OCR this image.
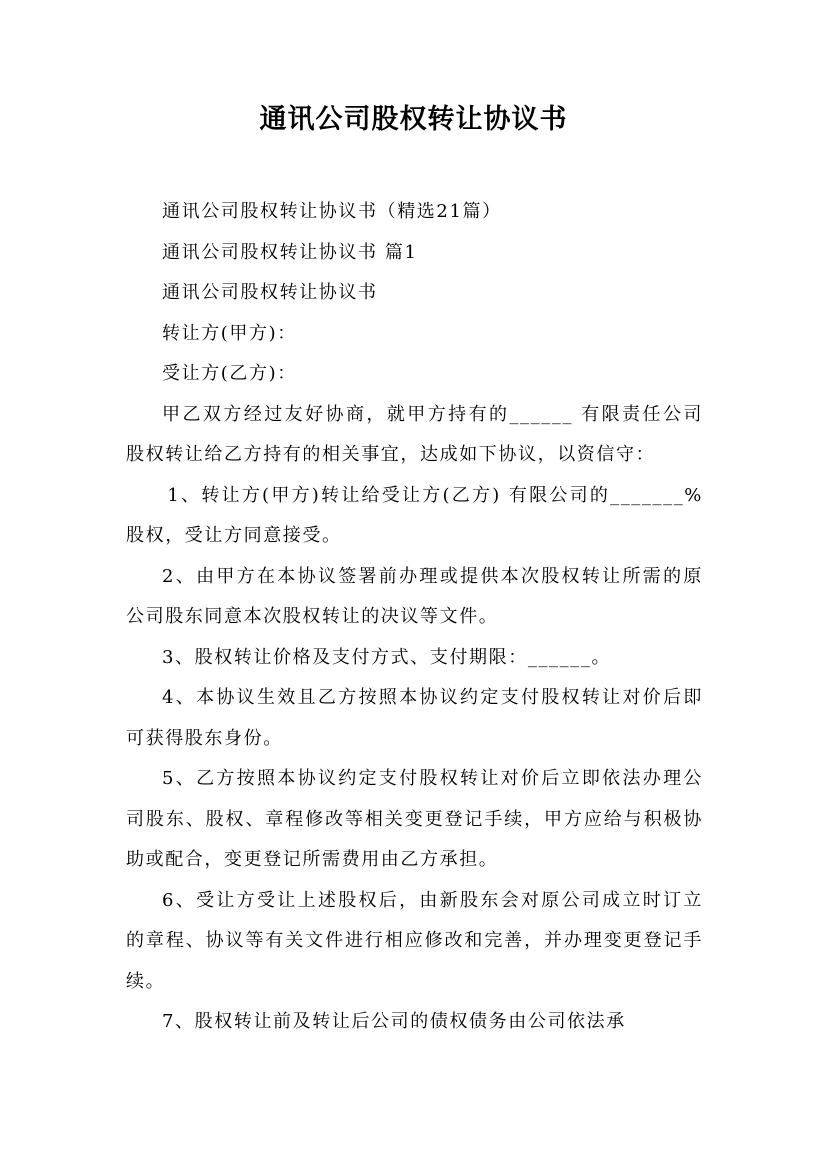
通讯公司股权转让协议书

通讯公司股权转让协议书（精选21篇）

通讯公司股权转让协议书 篇1

通讯公司股权转让协议书

转让方(甲方)：

受让方(乙方)：

甲乙双方经过友好协商，就甲方持有的______ 有限责任公司股权转让给乙方持有的相关事宜，达成如下协议，以资信守：

1、转让方(甲方)转让给受让方(乙方) 有限公司的_______%股权，受让方同意接受。

2、由甲方在本协议签署前办理或提供本次股权转让所需的原公司股东同意本次股权转让的决议等文件。

3、股权转让价格及支付方式、支付期限：______。

4、本协议生效且乙方按照本协议约定支付股权转让对价后即可获得股东身份。

5、乙方按照本协议约定支付股权转让对价后立即依法办理公司股东、股权、章程修改等相关变更登记手续，甲方应给与积极协助或配合，变更登记所需费用由乙方承担。

6、受让方受让上述股权后，由新股东会对原公司成立时订立的章程、协议等有关文件进行相应修改和完善，并办理变更登记手续。

7、股权转让前及转让后公司的债权债务由公司依法承
